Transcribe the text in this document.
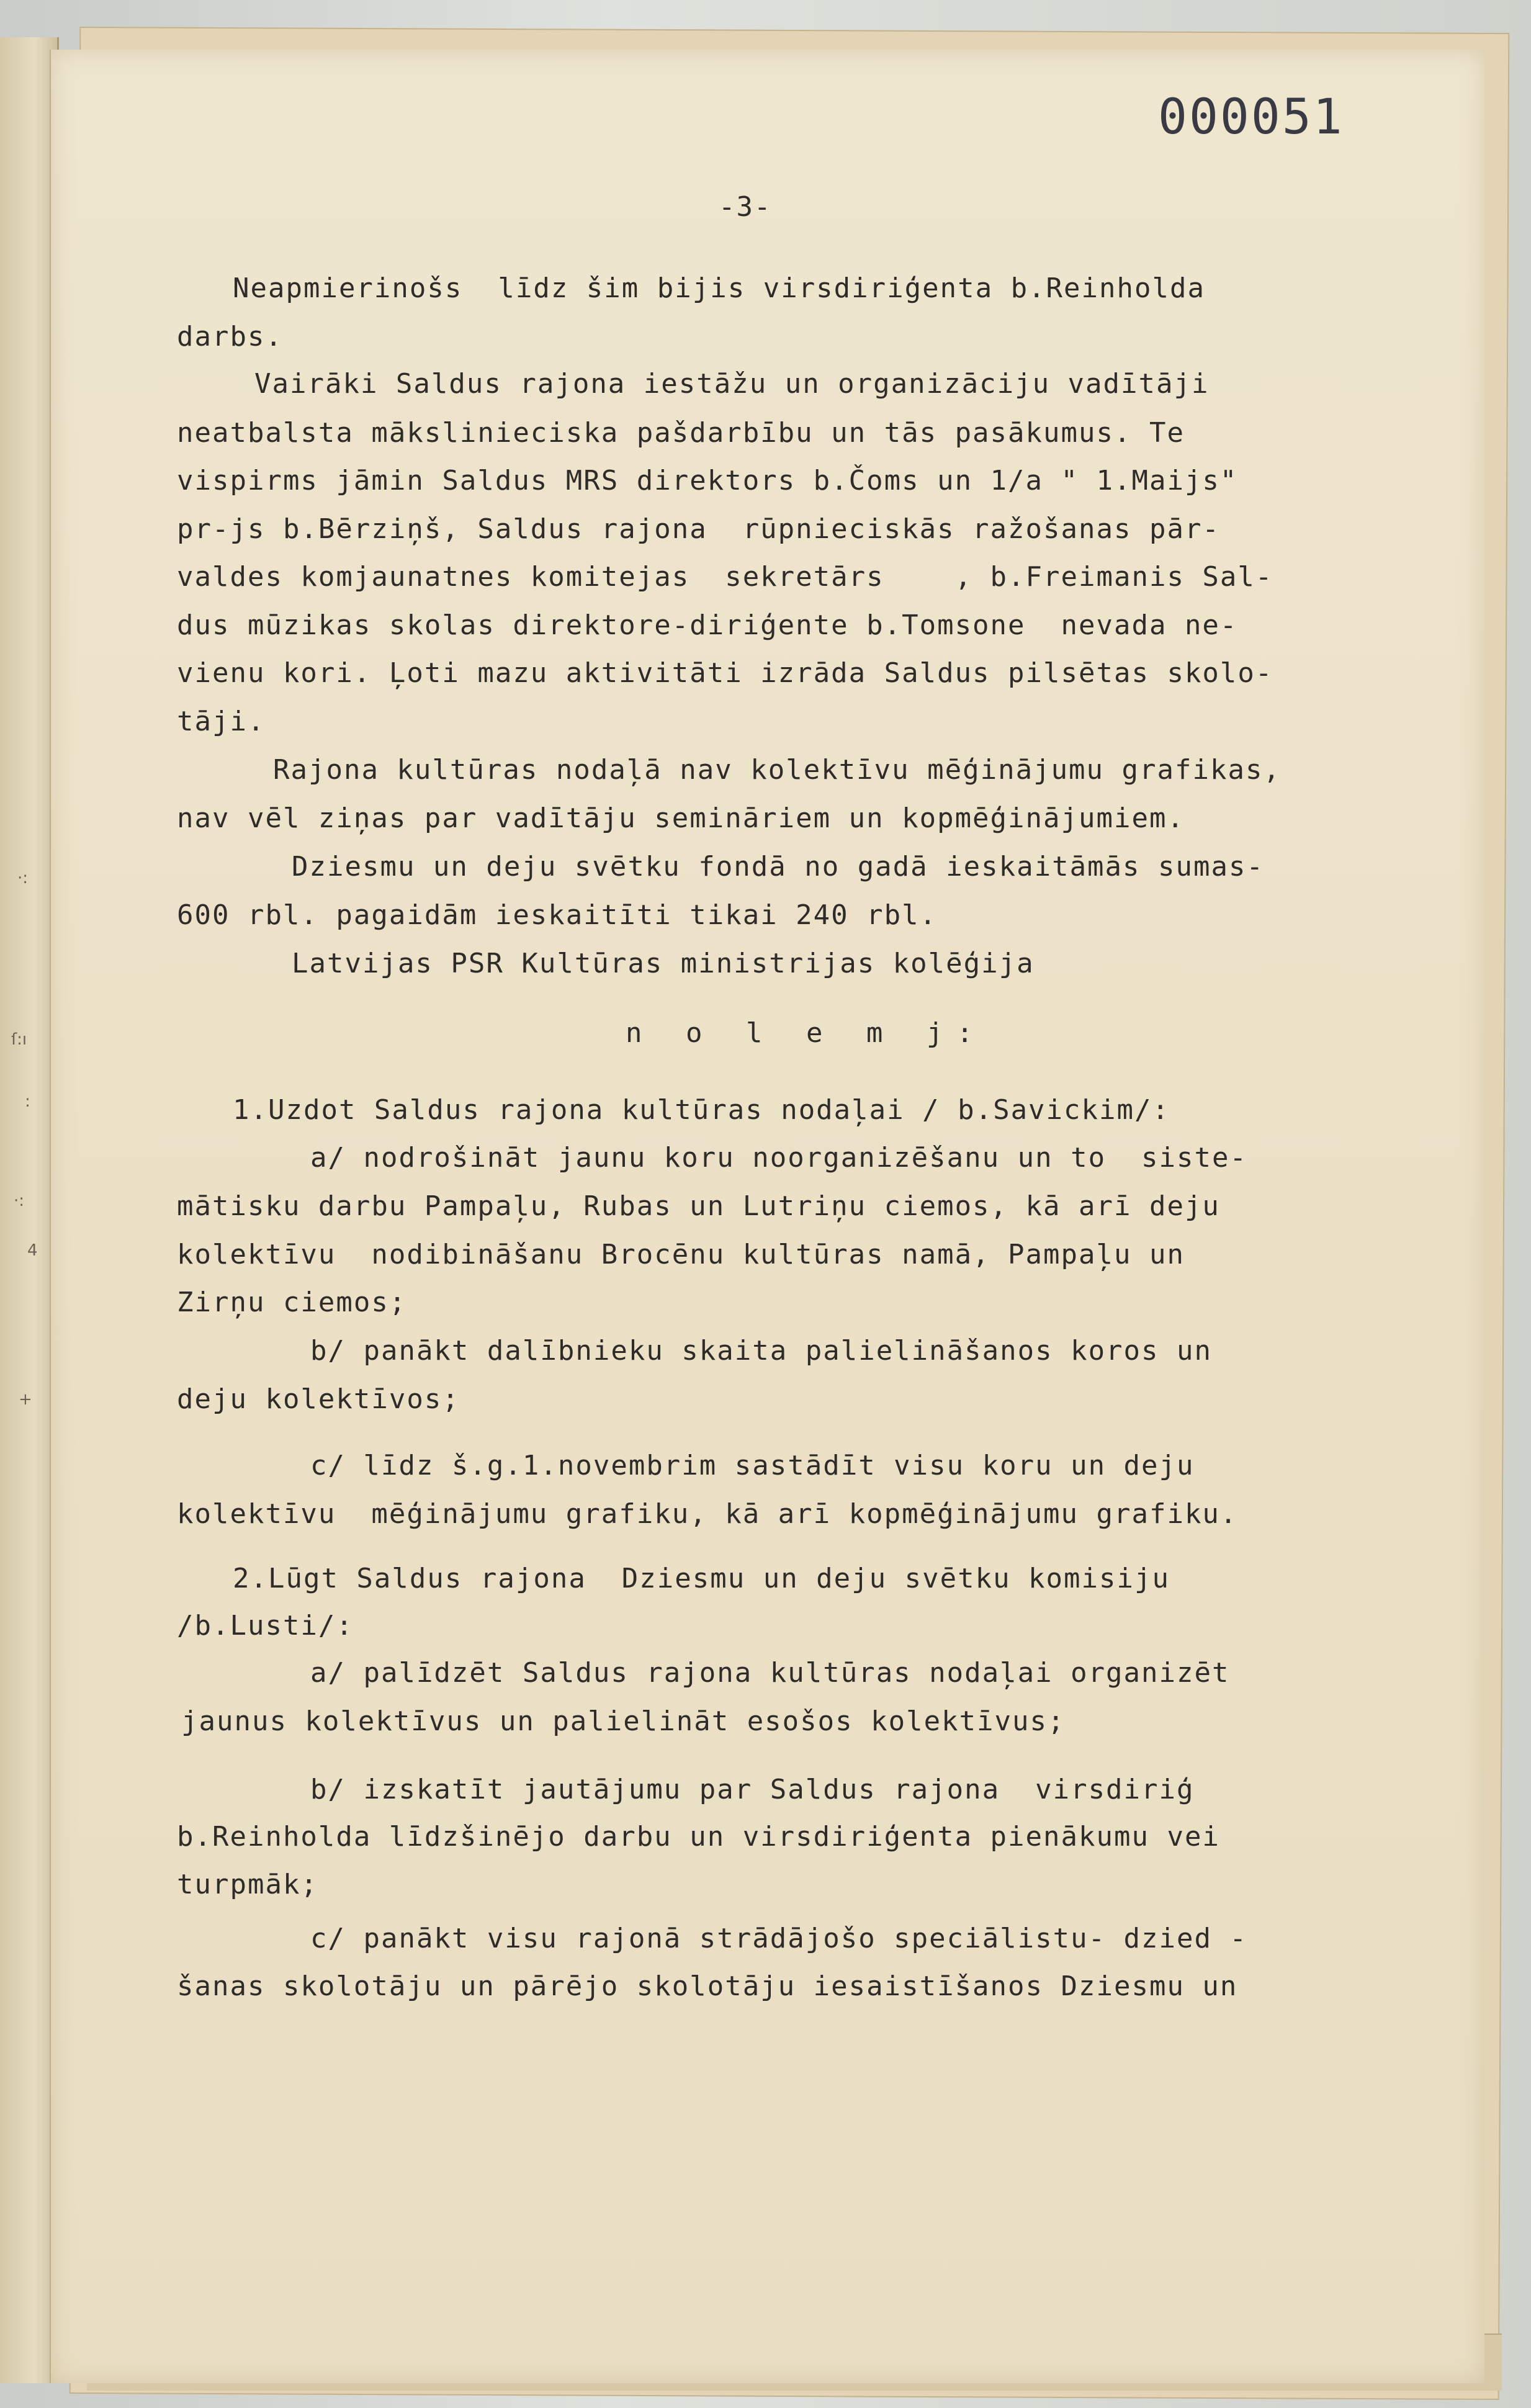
·:
ſ:ı
:
·:
4
+

000051

-3-

Neapmierinošs  līdz šim bijis virsdiriģenta b.Reinholda

darbs.

Vairāki Saldus rajona iestāžu un organizāciju vadītāji

neatbalsta mākslinieciska pašdarbību un tās pasākumus. Te

vispirms jāmin Saldus MRS direktors b.Čoms un 1/a " 1.Maijs"

pr-js b.Bērziņš, Saldus rajona  rūpnieciskās ražošanas pār-

valdes komjaunatnes komitejas  sekretārs    , b.Freimanis Sal-

dus mūzikas skolas direktore-diriģente b.Tomsone  nevada ne-

vienu kori. Ļoti mazu aktivitāti izrāda Saldus pilsētas skolo-

tāji.

Rajona kultūras nodaļā nav kolektīvu mēģinājumu grafikas,

nav vēl ziņas par vadītāju semināriem un kopmēģinājumiem.

Dziesmu un deju svētku fondā no gadā ieskaitāmās sumas-

600 rbl. pagaidām ieskaitīti tikai 240 rbl.

Latvijas PSR Kultūras ministrijas kolēģija

n o l e m j:

1.Uzdot Saldus rajona kultūras nodaļai / b.Savickim/:

a/ nodrošināt jaunu koru noorganizēšanu un to  siste-

mātisku darbu Pampaļu, Rubas un Lutriņu ciemos, kā arī deju

kolektīvu  nodibināšanu Brocēnu kultūras namā, Pampaļu un

Zirņu ciemos;

b/ panākt dalībnieku skaita palielināšanos koros un

deju kolektīvos;

c/ līdz š.g.1.novembrim sastādīt visu koru un deju

kolektīvu  mēģinājumu grafiku, kā arī kopmēģinājumu grafiku.

2.Lūgt Saldus rajona  Dziesmu un deju svētku komisiju

/b.Lusti/:

a/ palīdzēt Saldus rajona kultūras nodaļai organizēt

jaunus kolektīvus un palielināt esošos kolektīvus;

b/ izskatīt jautājumu par Saldus rajona  virsdiriģ

b.Reinholda līdzšinējo darbu un virsdiriģenta pienākumu vei

turpmāk;

c/ panākt visu rajonā strādājošo speciālistu- dzied -

šanas skolotāju un pārējo skolotāju iesaistīšanos Dziesmu un
